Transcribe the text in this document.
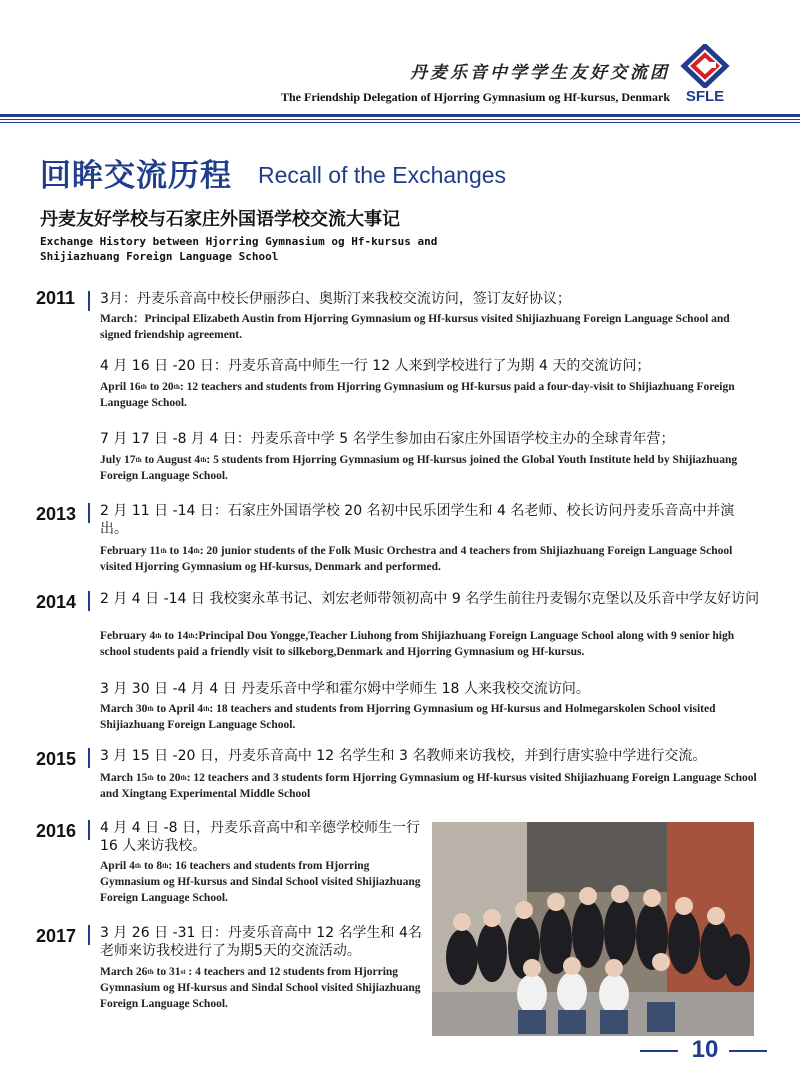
丹麦乐音中学学生友好交流团
The Friendship Delegation of Hjorring Gymnasium og Hf-kursus, Denmark	SFLE
回眸交流历程 Recall of the Exchanges
丹麦友好学校与石家庄外国语学校交流大事记
Exchange History between Hjorring Gymnasium og Hf-kursus and Shijiazhuang Foreign Language School
2011 3月：丹麦乐音高中校长伊丽莎白、奥斯汀来我校交流访问，签订友好协议；
March：Principal Elizabeth Austin from Hjorring Gymnasium og Hf-kursus visited Shijiazhuang Foreign Language School and signed friendship agreement.
4 月 16 日 -20 日：丹麦乐音高中师生一行 12 人来到学校进行了为期 4 天的交流访问；
April 16th to 20th: 12 teachers and students from Hjorring Gymnasium og Hf-kursus paid a four-day-visit to Shijiazhuang Foreign Language School.
7 月 17 日 -8 月 4 日：丹麦乐音中学 5 名学生参加由石家庄外国语学校主办的全球青年营；
July 17th to August 4th: 5 students from Hjorring Gymnasium og Hf-kursus joined the Global Youth Institute held by Shijiazhuang Foreign Language School.
2013 2 月 11 日 -14 日：石家庄外国语学校 20 名初中民乐团学生和 4 名老师、校长访问丹麦乐音高中并演出。
February 11th to 14th: 20 junior students of the Folk Music Orchestra and 4 teachers from Shijiazhuang Foreign Language School visited Hjorring Gymnasium og Hf-kursus, Denmark and performed.
2014 2 月 4 日 -14 日 我校窦永革书记、刘宏老师带领初高中 9 名学生前往丹麦锡尔克堡以及乐音中学友好访问
February 4th to 14th:Principal Dou Yongge,Teacher Liuhong from Shijiazhuang Foreign Language School along with 9 senior high school students paid a friendly visit to silkeborg,Denmark and Hjorring Gymnasium og Hf-kursus.
3 月 30 日 -4 月 4 日 丹麦乐音中学和霍尔姆中学师生 18 人来我校交流访问。
March 30th to April 4th: 18 teachers and students from Hjorring Gymnasium og Hf-kursus and Holmegarskolen School visited Shijiazhuang Foreign Language School.
2015 3 月 15 日 -20 日，丹麦乐音高中 12 名学生和 3 名教师来访我校，并到行唐实验中学进行交流。
March 15th to 20th: 12 teachers and 3 students form Hjorring Gymnasium og Hf-kursus visited Shijiazhuang Foreign Language School and Xingtang Experimental Middle School
2016 4 月 4 日 -8 日，丹麦乐音高中和辛德学校师生一行 16 人来访我校。
April 4th to 8th: 16 teachers and students from Hjorring Gymnasium og Hf-kursus and Sindal School visited Shijiazhuang Foreign Language School.
2017 3 月 26 日 -31 日：丹麦乐音高中 12 名学生和 4名老师来访我校进行了为期5天的交流活动。
March 26th to 31st : 4 teachers and 12 students from Hjorring Gymnasium og Hf-kursus and Sindal School visited Shijiazhuang Foreign Language School.
10
